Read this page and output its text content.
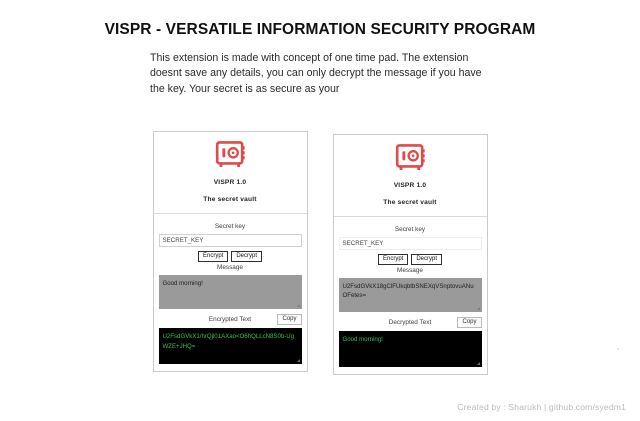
VISPR - VERSATILE INFORMATION SECURITY PROGRAM

This extension is made with concept of one time pad. The extension doesnt save any details, you can only decrypt the message if you have the key. Your secret is as secure as your

VISPR 1.0
The secret vault
Secret key
SECRET_KEY
Encrypt	Decrypt
Message
Good morning!
Encrypted Text	Copy
U2FsdGVkX1/hrQjl01AXao<O6hQLLcN8S0b-UgWZE+JHQ=
VISPR 1.0
The secret vault
Secret key
SECRET_KEY
Encrypt	Decrypt
Message
U2FsdGVkX18gClFUkqbtbSNEXqVSnptovuANuOFetes=
Decrypted Text	Copy
Good morning!
Created by : Sharukh | github.com/syedm1
